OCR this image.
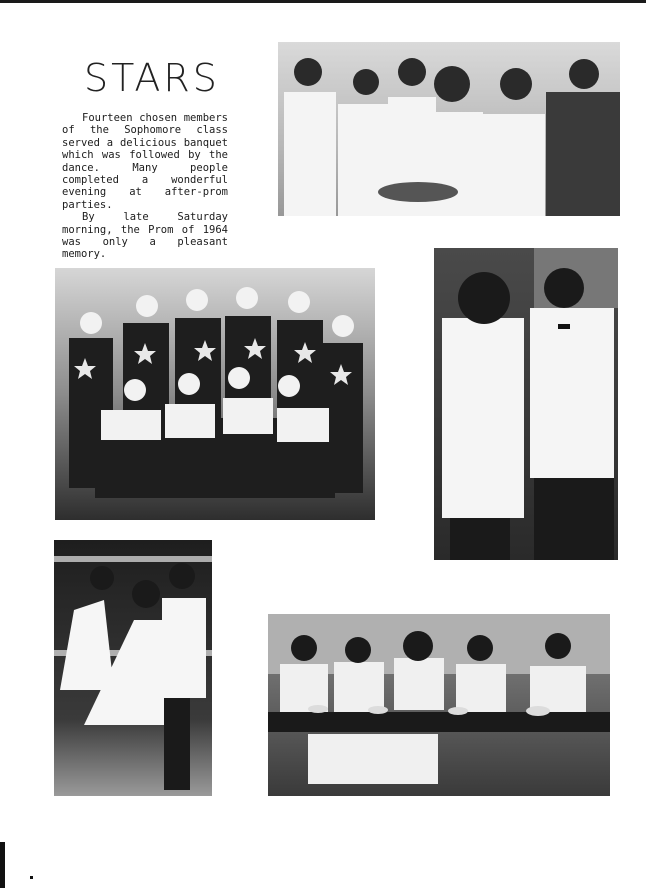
STARS

Fourteen chosen members of the Sophomore class served a delicious banquet which was followed by the dance. Many people completed a wonderful evening at after-prom parties.

By late Saturday morning, the Prom of 1964 was only a pleasant memory.
